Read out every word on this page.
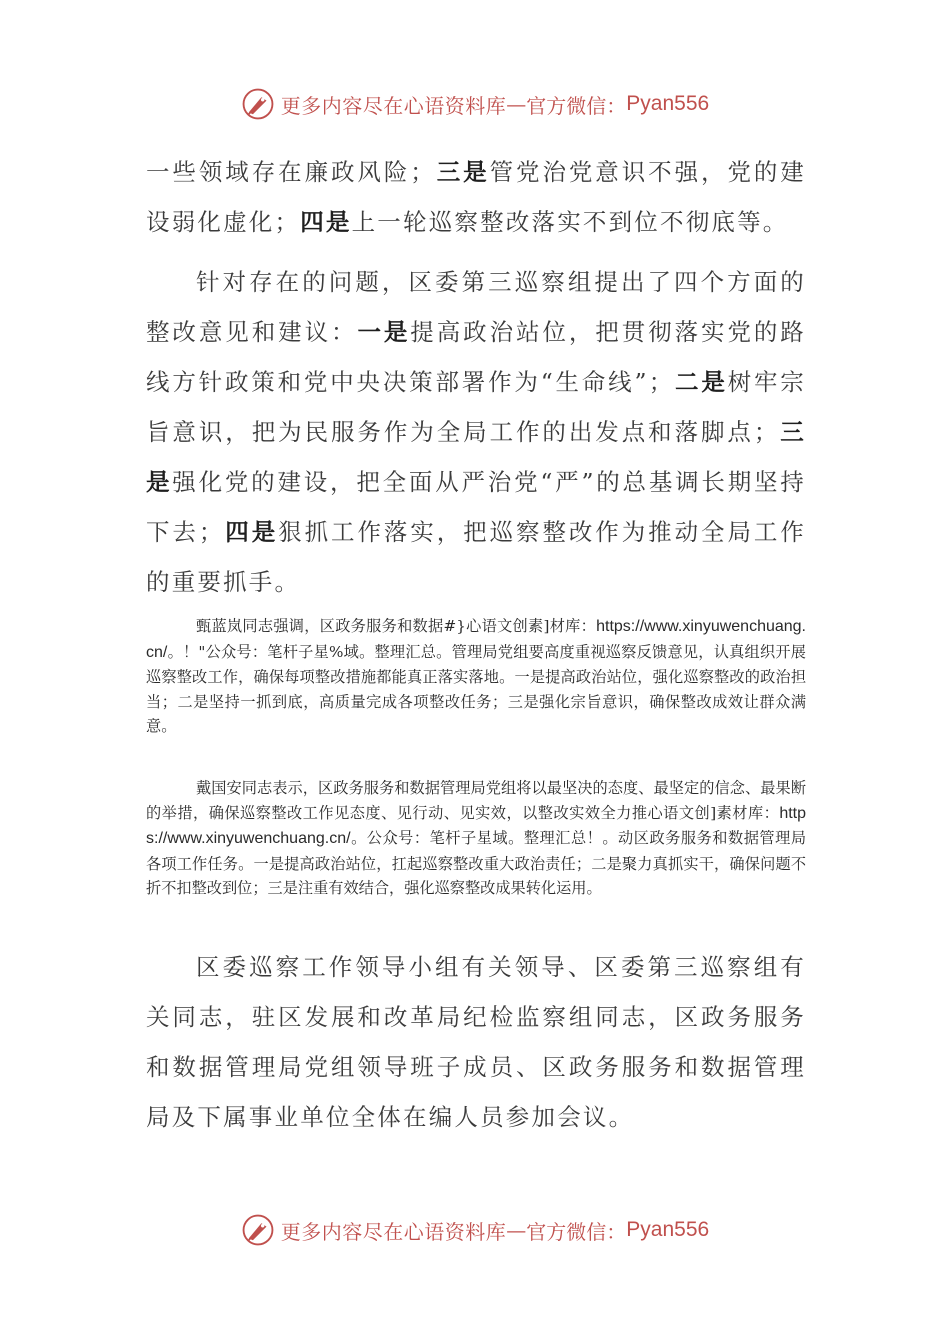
更多内容尽在心语资料库 — 官方微信： Pyan556

一些领域存在廉政风险；三是管党治党意识不强，党的建设弱化虚化；四是上一轮巡察整改落实不到位不彻底等。

针对存在的问题，区委第三巡察组提出了四个方面的整改意见和建议：一是提高政治站位，把贯彻落实党的路线方针政策和党中央决策部署作为“生命线”；二是树牢宗旨意识，把为民服务作为全局工作的出发点和落脚点；三是强化党的建设，把全面从严治党“严”的总基调长期坚持下去；四是狠抓工作落实，把巡察整改作为推动全局工作的重要抓手。

甄蓝岚同志强调，区政务服务和数据#}心语文创素]材库：https://www.xinyuwenchuang.cn/。！"公众号：笔杆子星%域。整理汇总。管理局党组要高度重视巡察反馈意见，认真组织开展巡察整改工作，确保每项整改措施都能真正落实落地。一是提高政治站位，强化巡察整改的政治担当；二是坚持一抓到底，高质量完成各项整改任务；三是强化宗旨意识，确保整改成效让群众满意。

戴国安同志表示，区政务服务和数据管理局党组将以最坚决的态度、最坚定的信念、最果断的举措，确保巡察整改工作见态度、见行动、见实效，以整改实效全力推心语文创]素材库：https://www.xinyuwenchuang.cn/。公众号：笔杆子星域。整理汇总！。动区政务服务和数据管理局各项工作任务。一是提高政治站位，扛起巡察整改重大政治责任；二是聚力真抓实干，确保问题不折不扣整改到位；三是注重有效结合，强化巡察整改成果转化运用。

区委巡察工作领导小组有关领导、区委第三巡察组有关同志，驻区发展和改革局纪检监察组同志，区政务服务和数据管理局党组领导班子成员、区政务服务和数据管理局及下属事业单位全体在编人员参加会议。

更多内容尽在心语资料库 — 官方微信： Pyan556
